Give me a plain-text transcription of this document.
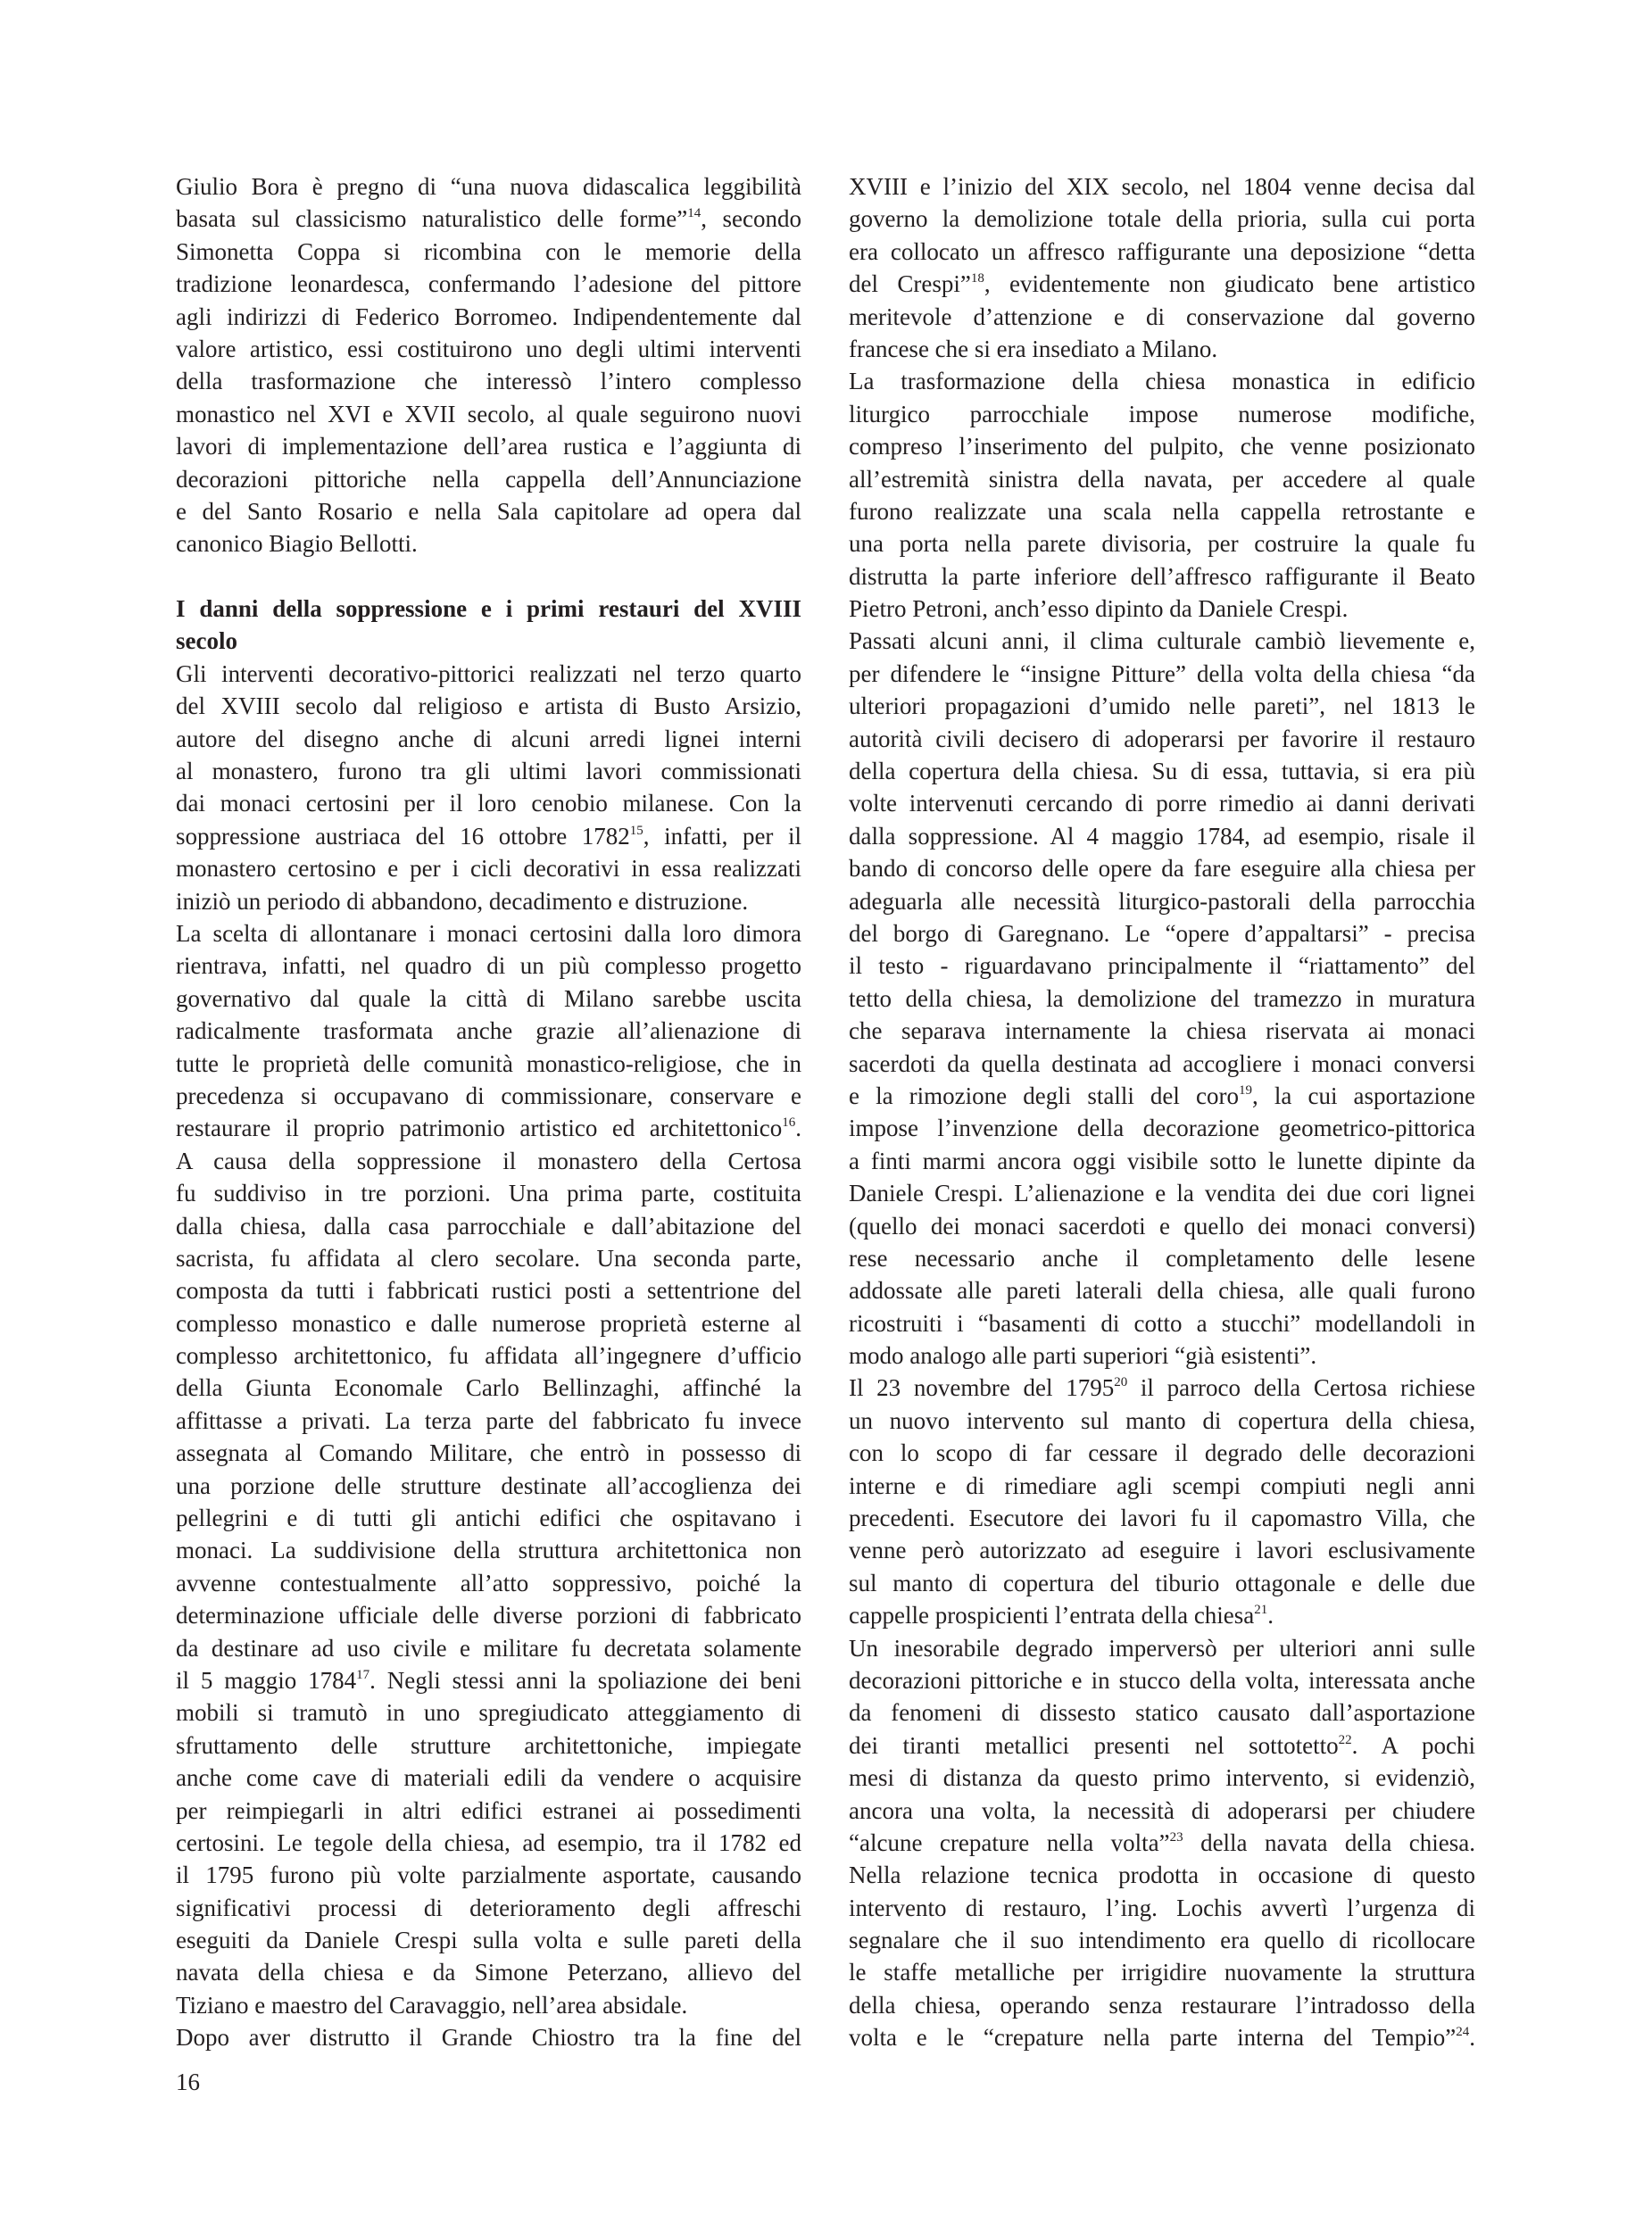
Giulio Bora è pregno di “una nuova didascalica leggibilità
basata sul classicismo naturalistico delle forme”$^{14}$, secondo
Simonetta Coppa si ricombina con le memorie della
tradizione leonardesca, confermando l’adesione del pittore
agli indirizzi di Federico Borromeo. Indipendentemente dal
valore artistico, essi costituirono uno degli ultimi interventi
della trasformazione che interessò l’intero complesso
monastico nel XVI e XVII secolo, al quale seguirono nuovi
lavori di implementazione dell’area rustica e l’aggiunta di
decorazioni pittoriche nella cappella dell’Annunciazione
e del Santo Rosario e nella Sala capitolare ad opera dal
canonico Biagio Bellotti.
I danni della soppressione e i primi restauri del XVIII
secolo
Gli interventi decorativo-pittorici realizzati nel terzo quarto
del XVIII secolo dal religioso e artista di Busto Arsizio,
autore del disegno anche di alcuni arredi lignei interni
al monastero, furono tra gli ultimi lavori commissionati
dai monaci certosini per il loro cenobio milanese. Con la
soppressione austriaca del 16 ottobre 1782$^{15}$, infatti, per il
monastero certosino e per i cicli decorativi in essa realizzati
iniziò un periodo di abbandono, decadimento e distruzione.
La scelta di allontanare i monaci certosini dalla loro dimora
rientrava, infatti, nel quadro di un più complesso progetto
governativo dal quale la città di Milano sarebbe uscita
radicalmente trasformata anche grazie all’alienazione di
tutte le proprietà delle comunità monastico-religiose, che in
precedenza si occupavano di commissionare, conservare e
restaurare il proprio patrimonio artistico ed architettonico$^{16}$.
A causa della soppressione il monastero della Certosa
fu suddiviso in tre porzioni. Una prima parte, costituita
dalla chiesa, dalla casa parrocchiale e dall’abitazione del
sacrista, fu affidata al clero secolare. Una seconda parte,
composta da tutti i fabbricati rustici posti a settentrione del
complesso monastico e dalle numerose proprietà esterne al
complesso architettonico, fu affidata all’ingegnere d’ufficio
della Giunta Economale Carlo Bellinzaghi, affinché la
affittasse a privati. La terza parte del fabbricato fu invece
assegnata al Comando Militare, che entrò in possesso di
una porzione delle strutture destinate all’accoglienza dei
pellegrini e di tutti gli antichi edifici che ospitavano i
monaci. La suddivisione della struttura architettonica non
avvenne contestualmente all’atto soppressivo, poiché la
determinazione ufficiale delle diverse porzioni di fabbricato
da destinare ad uso civile e militare fu decretata solamente
il 5 maggio 1784$^{17}$. Negli stessi anni la spoliazione dei beni
mobili si tramutò in uno spregiudicato atteggiamento di
sfruttamento delle strutture architettoniche, impiegate
anche come cave di materiali edili da vendere o acquisire
per reimpiegarli in altri edifici estranei ai possedimenti
certosini. Le tegole della chiesa, ad esempio, tra il 1782 ed
il 1795 furono più volte parzialmente asportate, causando
significativi processi di deterioramento degli affreschi
eseguiti da Daniele Crespi sulla volta e sulle pareti della
navata della chiesa e da Simone Peterzano, allievo del
Tiziano e maestro del Caravaggio, nell’area absidale.
Dopo aver distrutto il Grande Chiostro tra la fine del
XVIII e l’inizio del XIX secolo, nel 1804 venne decisa dal
governo la demolizione totale della prioria, sulla cui porta
era collocato un affresco raffigurante una deposizione “detta
del Crespi”$^{18}$, evidentemente non giudicato bene artistico
meritevole d’attenzione e di conservazione dal governo
francese che si era insediato a Milano.
La trasformazione della chiesa monastica in edificio
liturgico parrocchiale impose numerose modifiche,
compreso l’inserimento del pulpito, che venne posizionato
all’estremità sinistra della navata, per accedere al quale
furono realizzate una scala nella cappella retrostante e
una porta nella parete divisoria, per costruire la quale fu
distrutta la parte inferiore dell’affresco raffigurante il Beato
Pietro Petroni, anch’esso dipinto da Daniele Crespi.
Passati alcuni anni, il clima culturale cambiò lievemente e,
per difendere le “insigne Pitture” della volta della chiesa “da
ulteriori propagazioni d’umido nelle pareti”, nel 1813 le
autorità civili decisero di adoperarsi per favorire il restauro
della copertura della chiesa. Su di essa, tuttavia, si era più
volte intervenuti cercando di porre rimedio ai danni derivati
dalla soppressione. Al 4 maggio 1784, ad esempio, risale il
bando di concorso delle opere da fare eseguire alla chiesa per
adeguarla alle necessità liturgico-pastorali della parrocchia
del borgo di Garegnano. Le “opere d’appaltarsi” - precisa
il testo - riguardavano principalmente il “riattamento” del
tetto della chiesa, la demolizione del tramezzo in muratura
che separava internamente la chiesa riservata ai monaci
sacerdoti da quella destinata ad accogliere i monaci conversi
e la rimozione degli stalli del coro$^{19}$, la cui asportazione
impose l’invenzione della decorazione geometrico-pittorica
a finti marmi ancora oggi visibile sotto le lunette dipinte da
Daniele Crespi. L’alienazione e la vendita dei due cori lignei
(quello dei monaci sacerdoti e quello dei monaci conversi)
rese necessario anche il completamento delle lesene
addossate alle pareti laterali della chiesa, alle quali furono
ricostruiti i “basamenti di cotto a stucchi” modellandoli in
modo analogo alle parti superiori “già esistenti”.
Il 23 novembre del 1795$^{20}$ il parroco della Certosa richiese
un nuovo intervento sul manto di copertura della chiesa,
con lo scopo di far cessare il degrado delle decorazioni
interne e di rimediare agli scempi compiuti negli anni
precedenti. Esecutore dei lavori fu il capomastro Villa, che
venne però autorizzato ad eseguire i lavori esclusivamente
sul manto di copertura del tiburio ottagonale e delle due
cappelle prospicienti l’entrata della chiesa$^{21}$.
Un inesorabile degrado imperversò per ulteriori anni sulle
decorazioni pittoriche e in stucco della volta, interessata anche
da fenomeni di dissesto statico causato dall’asportazione
dei tiranti metallici presenti nel sottotetto$^{22}$. A pochi
mesi di distanza da questo primo intervento, si evidenziò,
ancora una volta, la necessità di adoperarsi per chiudere
“alcune crepature nella volta”$^{23}$ della navata della chiesa.
Nella relazione tecnica prodotta in occasione di questo
intervento di restauro, l’ing. Lochis avvertì l’urgenza di
segnalare che il suo intendimento era quello di ricollocare
le staffe metalliche per irrigidire nuovamente la struttura
della chiesa, operando senza restaurare l’intradosso della
volta e le “crepature nella parte interna del Tempio”$^{24}$.
16
